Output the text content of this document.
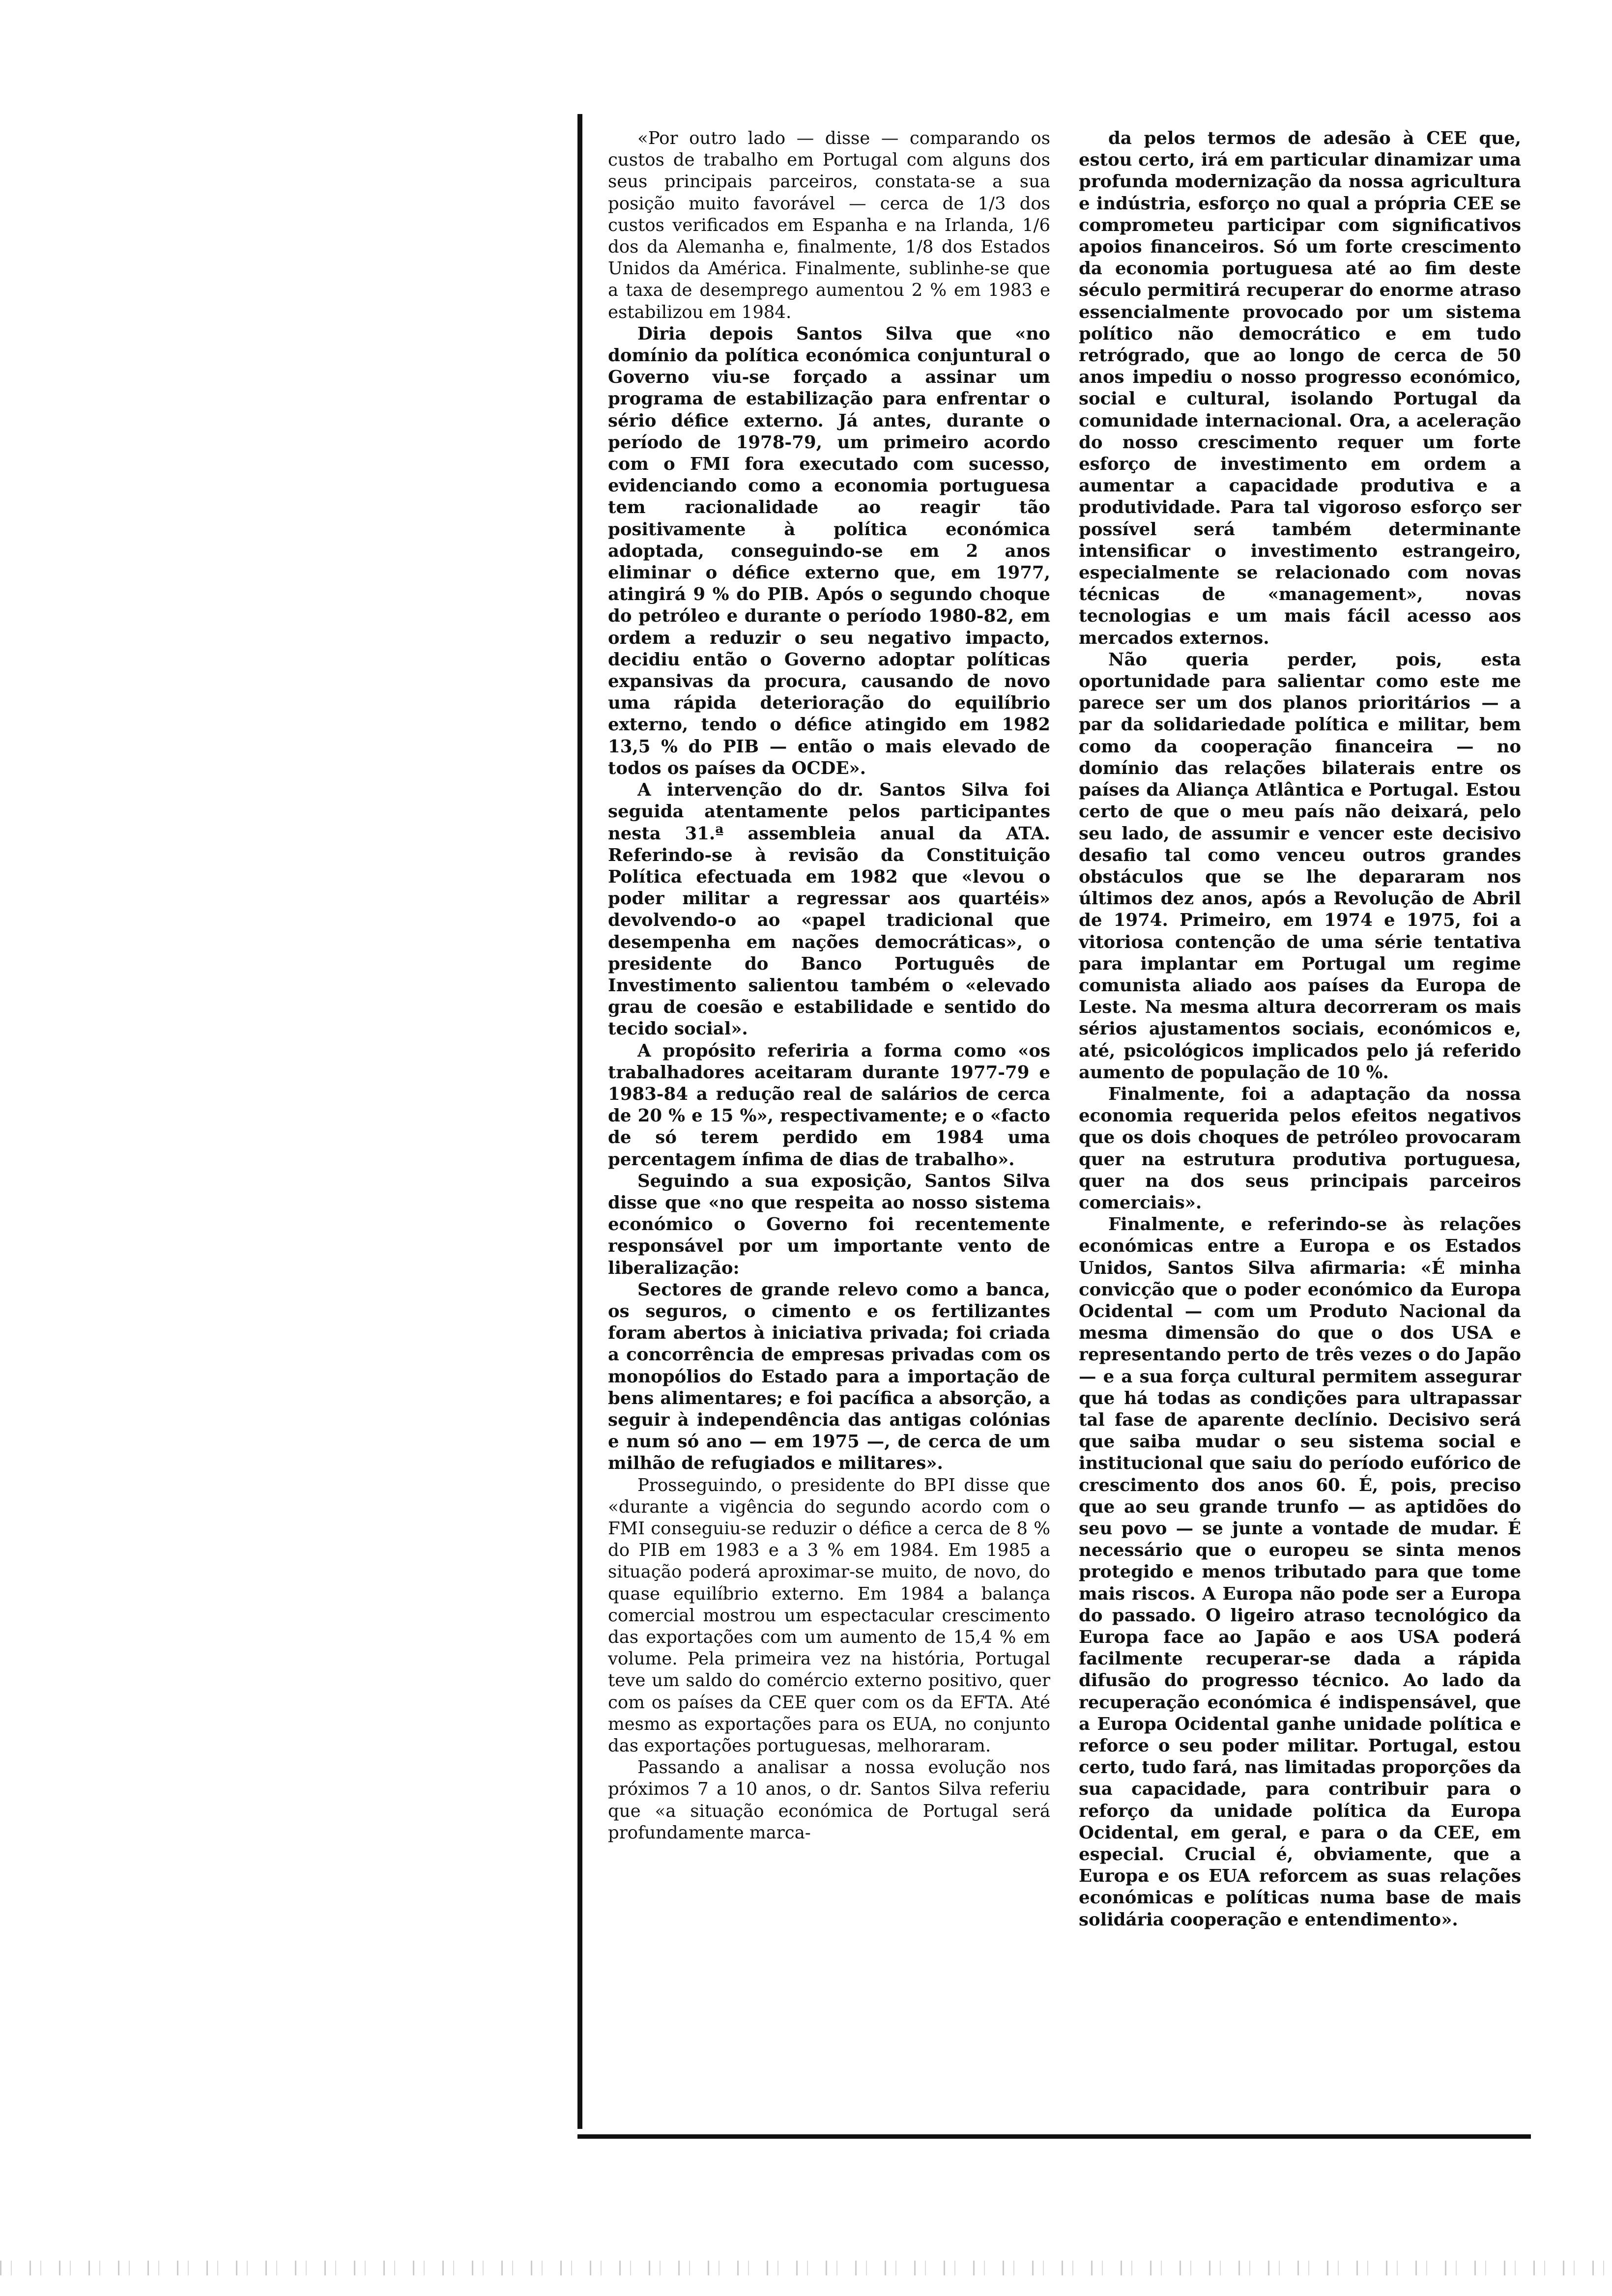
«Por outro lado — disse — comparando os custos de trabalho em Portugal com alguns dos seus principais parceiros, constata-se a sua posição muito favorável — cerca de 1/3 dos custos verificados em Espanha e na Irlanda, 1/6 dos da Alemanha e, finalmente, 1/8 dos Estados Unidos da América. Finalmente, sublinhe-se que a taxa de desemprego aumentou 2 % em 1983 e estabilizou em 1984.

Diria depois Santos Silva que «no domínio da política económica conjuntural o Governo viu-se forçado a assinar um programa de estabilização para enfrentar o sério défice externo. Já antes, durante o período de 1978-79, um primeiro acordo com o FMI fora executado com sucesso, evidenciando como a economia portuguesa tem racionalidade ao reagir tão positivamente à política económica adoptada, conseguindo-se em 2 anos eliminar o défice externo que, em 1977, atingirá 9 % do PIB. Após o segundo choque do petróleo e durante o período 1980-82, em ordem a reduzir o seu negativo impacto, decidiu então o Governo adoptar políticas expansivas da procura, causando de novo uma rápida deterioração do equilíbrio externo, tendo o défice atingido em 1982 13,5 % do PIB — então o mais elevado de todos os países da OCDE».

A intervenção do dr. Santos Silva foi seguida atentamente pelos participantes nesta 31.ª assembleia anual da ATA. Referindo-se à revisão da Constituição Política efectuada em 1982 que «levou o poder militar a regressar aos quartéis» devolvendo-o ao «papel tradicional que desempenha em nações democráticas», o presidente do Banco Português de Investimento salientou também o «elevado grau de coesão e estabilidade e sentido do tecido social».

A propósito referiria a forma como «os trabalhadores aceitaram durante 1977-79 e 1983-84 a redução real de salários de cerca de 20 % e 15 %», respectivamente; e o «facto de só terem perdido em 1984 uma percentagem ínfima de dias de trabalho».

Seguindo a sua exposição, Santos Silva disse que «no que respeita ao nosso sistema económico o Governo foi recentemente responsável por um importante vento de liberalização:

Sectores de grande relevo como a banca, os seguros, o cimento e os fertilizantes foram abertos à iniciativa privada; foi criada a concorrência de empresas privadas com os monopólios do Estado para a importação de bens alimentares; e foi pacífica a absorção, a seguir à independência das antigas colónias e num só ano — em 1975 —, de cerca de um milhão de refugiados e militares».

Prosseguindo, o presidente do BPI disse que «durante a vigência do segundo acordo com o FMI conseguiu-se reduzir o défice a cerca de 8 % do PIB em 1983 e a 3 % em 1984. Em 1985 a situação poderá aproximar-se muito, de novo, do quase equilíbrio externo. Em 1984 a balança comercial mostrou um espectacular crescimento das exportações com um aumento de 15,4 % em volume. Pela primeira vez na história, Portugal teve um saldo do comércio externo positivo, quer com os países da CEE quer com os da EFTA. Até mesmo as exportações para os EUA, no conjunto das exportações portuguesas, melhoraram.

Passando a analisar a nossa evolução nos próximos 7 a 10 anos, o dr. Santos Silva referiu que «a situação económica de Portugal será profundamente marca-

da pelos termos de adesão à CEE que, estou certo, irá em particular dinamizar uma profunda modernização da nossa agricultura e indústria, esforço no qual a própria CEE se comprometeu participar com significativos apoios financeiros. Só um forte crescimento da economia portuguesa até ao fim deste século permitirá recuperar do enorme atraso essencialmente provocado por um sistema político não democrático e em tudo retrógrado, que ao longo de cerca de 50 anos impediu o nosso progresso económico, social e cultural, isolando Portugal da comunidade internacional. Ora, a aceleração do nosso crescimento requer um forte esforço de investimento em ordem a aumentar a capacidade produtiva e a produtividade. Para tal vigoroso esforço ser possível será também determinante intensificar o investimento estrangeiro, especialmente se relacionado com novas técnicas de «management», novas tecnologias e um mais fácil acesso aos mercados externos.

Não queria perder, pois, esta oportunidade para salientar como este me parece ser um dos planos prioritários — a par da solidariedade política e militar, bem como da cooperação financeira — no domínio das relações bilaterais entre os países da Aliança Atlântica e Portugal. Estou certo de que o meu país não deixará, pelo seu lado, de assumir e vencer este decisivo desafio tal como venceu outros grandes obstáculos que se lhe depararam nos últimos dez anos, após a Revolução de Abril de 1974. Primeiro, em 1974 e 1975, foi a vitoriosa contenção de uma série tentativa para implantar em Portugal um regime comunista aliado aos países da Europa de Leste. Na mesma altura decorreram os mais sérios ajustamentos sociais, económicos e, até, psicológicos implicados pelo já referido aumento de população de 10 %.

Finalmente, foi a adaptação da nossa economia requerida pelos efeitos negativos que os dois choques de petróleo provocaram quer na estrutura produtiva portuguesa, quer na dos seus principais parceiros comerciais».

Finalmente, e referindo-se às relações económicas entre a Europa e os Estados Unidos, Santos Silva afirmaria: «É minha convicção que o poder económico da Europa Ocidental — com um Produto Nacional da mesma dimensão do que o dos USA e representando perto de três vezes o do Japão — e a sua força cultural permitem assegurar que há todas as condições para ultrapassar tal fase de aparente declínio. Decisivo será que saiba mudar o seu sistema social e institucional que saiu do período eufórico de crescimento dos anos 60. É, pois, preciso que ao seu grande trunfo — as aptidões do seu povo — se junte a vontade de mudar. É necessário que o europeu se sinta menos protegido e menos tributado para que tome mais riscos. A Europa não pode ser a Europa do passado. O ligeiro atraso tecnológico da Europa face ao Japão e aos USA poderá facilmente recuperar-se dada a rápida difusão do progresso técnico. Ao lado da recuperação económica é indispensável, que a Europa Ocidental ganhe unidade política e reforce o seu poder militar. Portugal, estou certo, tudo fará, nas limitadas proporções da sua capacidade, para contribuir para o reforço da unidade política da Europa Ocidental, em geral, e para o da CEE, em especial. Crucial é, obviamente, que a Europa e os EUA reforcem as suas relações económicas e políticas numa base de mais solidária cooperação e entendimento».
